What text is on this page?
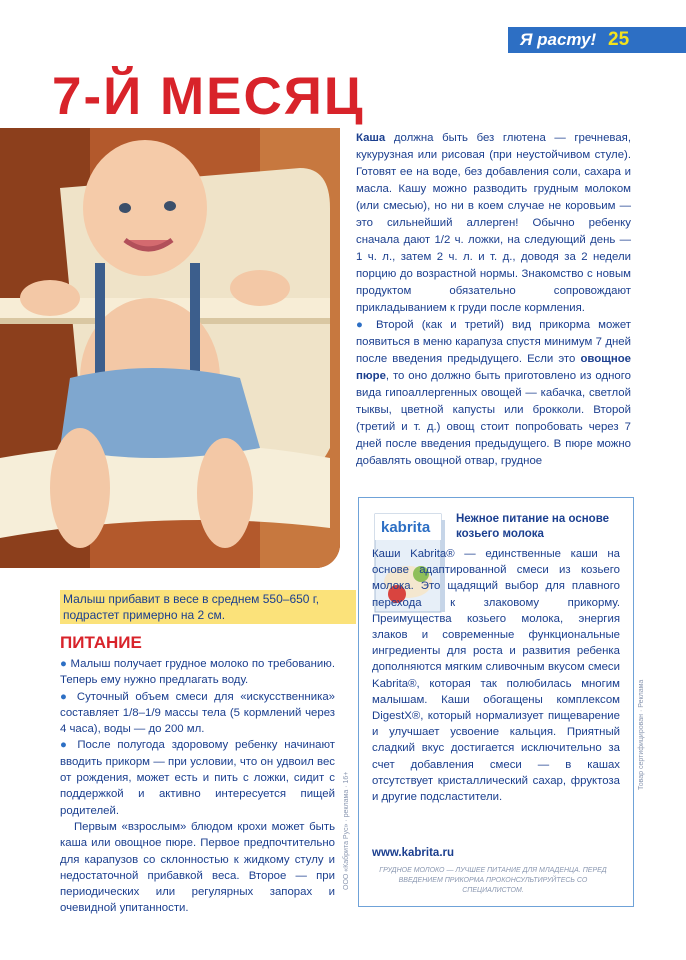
Я расту! 25
7-Й МЕСЯЦ

Каша должна быть без глютена — гречневая, кукурузная или рисовая (при неустойчивом стуле). Готовят ее на воде, без добавления соли, сахара и масла. Кашу можно разводить грудным молоком (или смесью), но ни в коем случае не коровьим — это сильнейший аллерген! Обычно ребенку сначала дают 1/2 ч. ложки, на следующий день — 1 ч. л., затем 2 ч. л. и т. д., доводя за 2 недели порцию до возрастной нормы. Знакомство с новым продуктом обязательно сопровождают прикладыванием к груди после кормления.

● Второй (как и третий) вид прикорма может появиться в меню карапуза спустя минимум 7 дней после введения предыдущего. Если это овощное пюре, то оно должно быть приготовлено из одного вида гипоаллергенных овощей — кабачка, светлой тыквы, цветной капусты или брокколи. Второй (третий и т. д.) овощ стоит попробовать через 7 дней после введения предыдущего. В пюре можно добавлять овощной отвар, грудное

Малыш прибавит в весе в среднем 550–650 г, подрастет примерно на 2 см.
ПИТАНИЕ

● Малыш получает грудное молоко по требованию. Теперь ему нужно предлагать воду.

● Суточный объем смеси для «искусственника» составляет 1/8–1/9 массы тела (5 кормлений через 4 часа), воды — до 200 мл.

● После полугода здоровому ребенку начинают вводить прикорм — при условии, что он удвоил вес от рождения, может есть и пить с ложки, сидит с поддержкой и активно интересуется пищей родителей.

Первым «взрослым» блюдом крохи может быть каша или овощное пюре. Первое предпочтительно для карапузов со склонностью к жидкому стулу и недостаточной прибавкой веса. Второе — при периодических или регулярных запорах и очевидной упитанности.

kabrita Нежное питание на основе козьего молока

Каши Kabrita® — единственные каши на основе адаптированной смеси из козьего молока. Это щадящий выбор для плавного перехода к злаковому прикорму. Преимущества козьего молока, энергия злаков и современные функциональные ингредиенты для роста и развития ребенка дополняются мягким сливочным вкусом смеси Kabrita®, которая так полюбилась многим малышам. Каши обогащены комплексом DigestX®, который нормализует пищеварение и улучшает усвоение кальция. Приятный сладкий вкус достигается исключительно за счет добавления смеси — в кашах отсутствует кристаллический сахар, фруктоза и другие подсластители.

www.kabrita.ru
ГРУДНОЕ МОЛОКО — ЛУЧШЕЕ ПИТАНИЕ ДЛЯ МЛАДЕНЦА. ПЕРЕД ВВЕДЕНИЕМ ПРИКОРМА ПРОКОНСУЛЬТИРУЙТЕСЬ СО СПЕЦИАЛИСТОМ.
ООО «Кабрита Рус» · реклама · 16+
Товар сертифицирован · Реклама
